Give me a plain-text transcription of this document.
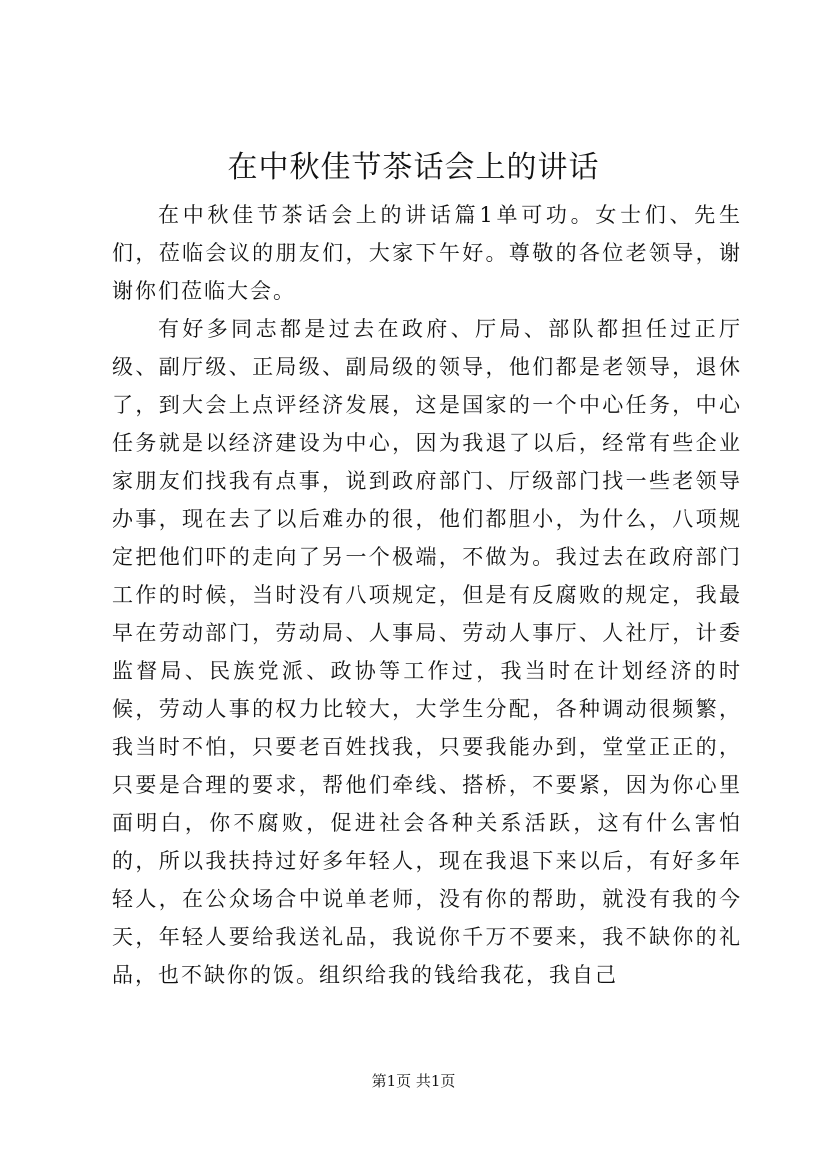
在中秋佳节茶话会上的讲话

在中秋佳节茶话会上的讲话篇1单可功。女士们、先生们，莅临会议的朋友们，大家下午好。尊敬的各位老领导，谢谢你们莅临大会。

有好多同志都是过去在政府、厅局、部队都担任过正厅级、副厅级、正局级、副局级的领导，他们都是老领导，退休了，到大会上点评经济发展，这是国家的一个中心任务，中心任务就是以经济建设为中心，因为我退了以后，经常有些企业家朋友们找我有点事，说到政府部门、厅级部门找一些老领导办事，现在去了以后难办的很，他们都胆小，为什么，八项规定把他们吓的走向了另一个极端，不做为。我过去在政府部门工作的时候，当时没有八项规定，但是有反腐败的规定，我最早在劳动部门，劳动局、人事局、劳动人事厅、人社厅，计委监督局、民族党派、政协等工作过，我当时在计划经济的时候，劳动人事的权力比较大，大学生分配，各种调动很频繁，我当时不怕，只要老百姓找我，只要我能办到，堂堂正正的，只要是合理的要求，帮他们牵线、搭桥，不要紧，因为你心里面明白，你不腐败，促进社会各种关系活跃，这有什么害怕的，所以我扶持过好多年轻人，现在我退下来以后，有好多年轻人，在公众场合中说单老师，没有你的帮助，就没有我的今天，年轻人要给我送礼品，我说你千万不要来，我不缺你的礼品，也不缺你的饭。组织给我的钱给我花，我自己

第1页 共1页
